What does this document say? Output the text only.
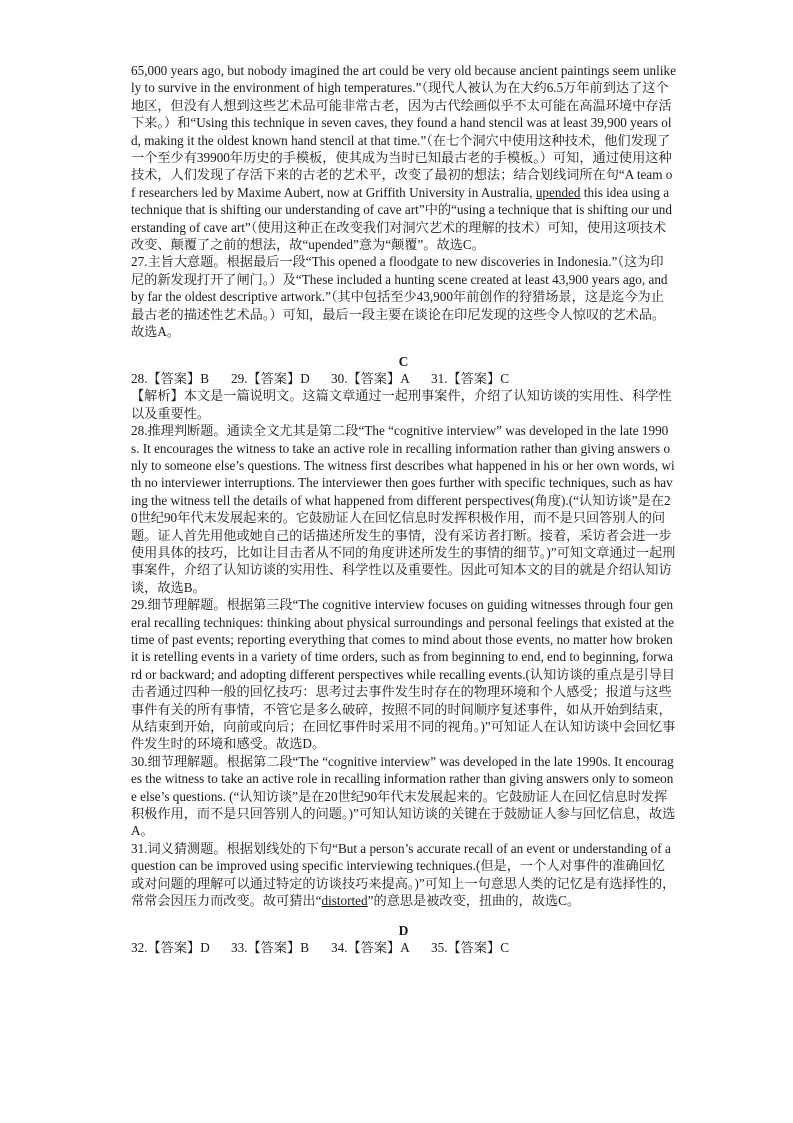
65,000 years ago, but nobody imagined the art could be very old because ancient paintings seem unlikely to survive in the environment of high temperatures.”（现代人被认为在大约6.5万年前到达了这个地区，但没有人想到这些艺术品可能非常古老，因为古代绘画似乎不太可能在高温环境中存活下来。）和“Using this technique in seven caves, they found a hand stencil was at least 39,900 years old, making it the oldest known hand stencil at that time.”（在七个洞穴中使用这种技术，他们发现了一个至少有39900年历史的手模板，使其成为当时已知最古老的手模板。）可知，通过使用这种技术，人们发现了存活下来的古老的艺术平，改变了最初的想法；结合划线词所在句“A team of researchers led by Maxime Aubert, now at Griffith University in Australia, upended this idea using a technique that is shifting our understanding of cave art”中的“using a technique that is shifting our understanding of cave art”（使用这种正在改变我们对洞穴艺术的理解的技术）可知，使用这项技术改变、颠覆了之前的想法，故“upended”意为“颠覆”。故选C。

27.主旨大意题。根据最后一段“This opened a floodgate to new discoveries in Indonesia.”（这为印尼的新发现打开了闸门。）及“These included a hunting scene created at least 43,900 years ago, and by far the oldest descriptive artwork.”（其中包括至少43,900年前创作的狩猎场景，这是迄今为止最古老的描述性艺术品。）可知，最后一段主要在谈论在印尼发现的这些令人惊叹的艺术品。故选A。

C

28.【答案】B	29.【答案】D	30.【答案】A	31.【答案】C

【解析】本文是一篇说明文。这篇文章通过一起刑事案件，介绍了认知访谈的实用性、科学性以及重要性。

28.推理判断题。通读全文尤其是第二段“The “cognitive interview” was developed in the late 1990s. It encourages the witness to take an active role in recalling information rather than giving answers only to someone else’s questions. The witness first describes what happened in his or her own words, with no interviewer interruptions. The interviewer then goes further with specific techniques, such as having the witness tell the details of what happened from different perspectives(角度).(“认知访谈”是在20世纪90年代末发展起来的。它鼓励证人在回忆信息时发挥积极作用，而不是只回答别人的问题。证人首先用他或她自己的话描述所发生的事情，没有采访者打断。接着，采访者会进一步使用具体的技巧，比如让目击者从不同的角度讲述所发生的事情的细节。)”可知文章通过一起刑事案件，介绍了认知访谈的实用性、科学性以及重要性。因此可知本文的目的就是介绍认知访谈，故选B。

29.细节理解题。根据第三段“The cognitive interview focuses on guiding witnesses through four general recalling techniques: thinking about physical surroundings and personal feelings that existed at the time of past events; reporting everything that comes to mind about those events, no matter how broken it is retelling events in a variety of time orders, such as from beginning to end, end to beginning, forward or backward; and adopting different perspectives while recalling events.(认知访谈的重点是引导目击者通过四种一般的回忆技巧：思考过去事件发生时存在的物理环境和个人感受；报道与这些事件有关的所有事情，不管它是多么破碎，按照不同的时间顺序复述事件，如从开始到结束，从结束到开始，向前或向后；在回忆事件时采用不同的视角。)”可知证人在认知访谈中会回忆事件发生时的环境和感受。故选D。

30.细节理解题。根据第二段“The “cognitive interview” was developed in the late 1990s. It encourages the witness to take an active role in recalling information rather than giving answers only to someone else’s questions. (“认知访谈”是在20世纪90年代末发展起来的。它鼓励证人在回忆信息时发挥积极作用，而不是只回答别人的问题。)”可知认知访谈的关键在于鼓励证人参与回忆信息，故选A。

31.词义猜测题。根据划线处的下句“But a person’s accurate recall of an event or understanding of a question can be improved using specific interviewing techniques.(但是，一个人对事件的准确回忆或对问题的理解可以通过特定的访谈技巧来提高。)”可知上一句意思人类的记忆是有选择性的，常常会因压力而改变。故可猜出“distorted”的意思是被改变，扭曲的，故选C。

D

32.【答案】D	33.【答案】B	34.【答案】A	35.【答案】C
